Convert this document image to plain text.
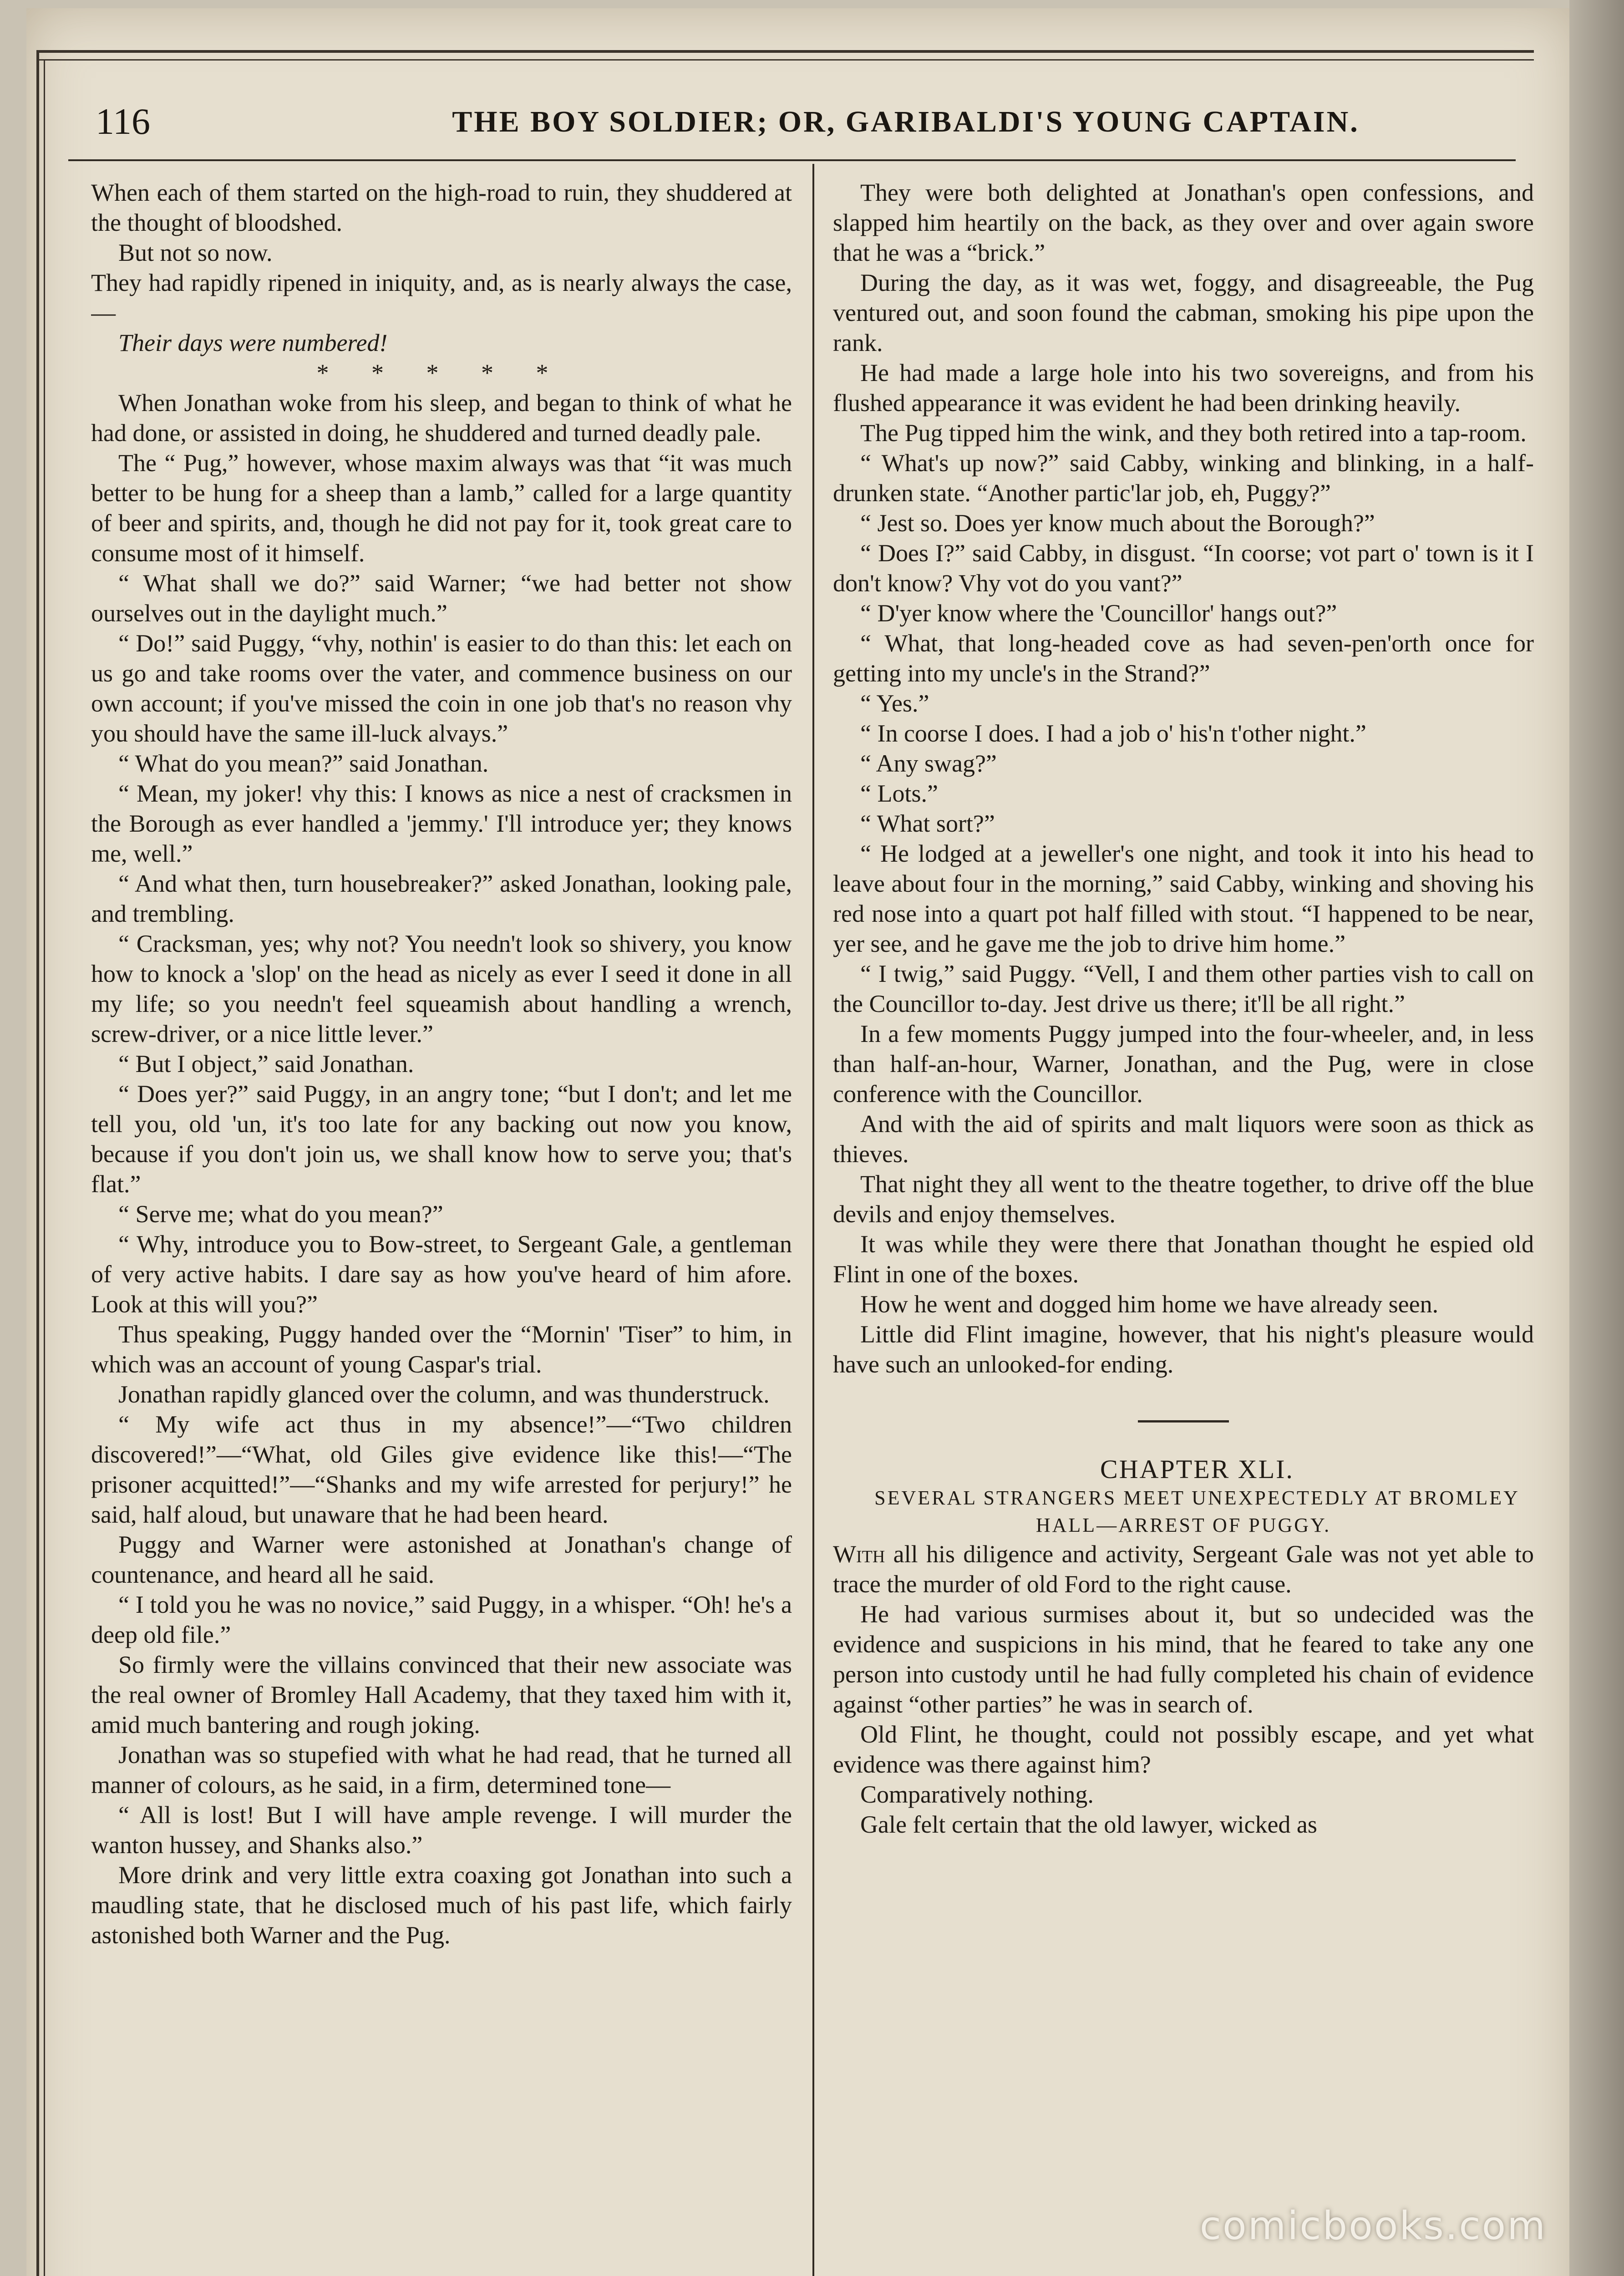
116	THE BOY SOLDIER; OR, GARIBALDI'S YOUNG CAPTAIN.

When each of them started on the high-road to ruin, they shuddered at the thought of bloodshed.

But not so now.

They had rapidly ripened in iniquity, and, as is nearly always the case,—

Their days were numbered!

* * * * *

When Jonathan woke from his sleep, and began to think of what he had done, or assisted in doing, he shuddered and turned deadly pale.

The “ Pug,” however, whose maxim always was that “it was much better to be hung for a sheep than a lamb,” called for a large quantity of beer and spirits, and, though he did not pay for it, took great care to consume most of it himself.

“ What shall we do?” said Warner; “we had better not show ourselves out in the daylight much.”

“ Do!” said Puggy, “vhy, nothin' is easier to do than this: let each on us go and take rooms over the vater, and commence business on our own account; if you've missed the coin in one job that's no reason vhy you should have the same ill-luck alvays.”

“ What do you mean?” said Jonathan.

“ Mean, my joker! vhy this: I knows as nice a nest of cracksmen in the Borough as ever handled a 'jemmy.' I'll introduce yer; they knows me, well.”

“ And what then, turn housebreaker?” asked Jonathan, looking pale, and trembling.

“ Cracksman, yes; why not? You needn't look so shivery, you know how to knock a 'slop' on the head as nicely as ever I seed it done in all my life; so you needn't feel squeamish about handling a wrench, screw-driver, or a nice little lever.”

“ But I object,” said Jonathan.

“ Does yer?” said Puggy, in an angry tone; “but I don't; and let me tell you, old 'un, it's too late for any backing out now you know, because if you don't join us, we shall know how to serve you; that's flat.”

“ Serve me; what do you mean?”

“ Why, introduce you to Bow-street, to Sergeant Gale, a gentleman of very active habits. I dare say as how you've heard of him afore. Look at this will you?”

Thus speaking, Puggy handed over the “Mornin' 'Tiser” to him, in which was an account of young Caspar's trial.

Jonathan rapidly glanced over the column, and was thunderstruck.

“ My wife act thus in my absence!”—“Two children discovered!”—“What, old Giles give evidence like this!—“The prisoner acquitted!”—“Shanks and my wife arrested for perjury!” he said, half aloud, but unaware that he had been heard.

Puggy and Warner were astonished at Jonathan's change of countenance, and heard all he said.

“ I told you he was no novice,” said Puggy, in a whisper. “Oh! he's a deep old file.”

So firmly were the villains convinced that their new associate was the real owner of Bromley Hall Academy, that they taxed him with it, amid much bantering and rough joking.

Jonathan was so stupefied with what he had read, that he turned all manner of colours, as he said, in a firm, determined tone—

“ All is lost! But I will have ample revenge. I will murder the wanton hussey, and Shanks also.”

More drink and very little extra coaxing got Jonathan into such a maudling state, that he disclosed much of his past life, which fairly astonished both Warner and the Pug.

They were both delighted at Jonathan's open confessions, and slapped him heartily on the back, as they over and over again swore that he was a “brick.”

During the day, as it was wet, foggy, and disagreeable, the Pug ventured out, and soon found the cabman, smoking his pipe upon the rank.

He had made a large hole into his two sovereigns, and from his flushed appearance it was evident he had been drinking heavily.

The Pug tipped him the wink, and they both retired into a tap-room.

“ What's up now?” said Cabby, winking and blinking, in a half-drunken state. “Another partic'lar job, eh, Puggy?”

“ Jest so. Does yer know much about the Borough?”

“ Does I?” said Cabby, in disgust. “In coorse; vot part o' town is it I don't know? Vhy vot do you vant?”

“ D'yer know where the 'Councillor' hangs out?”

“ What, that long-headed cove as had seven-pen'orth once for getting into my uncle's in the Strand?”

“ Yes.”

“ In coorse I does. I had a job o' his'n t'other night.”

“ Any swag?”

“ Lots.”

“ What sort?”

“ He lodged at a jeweller's one night, and took it into his head to leave about four in the morning,” said Cabby, winking and shoving his red nose into a quart pot half filled with stout. “I happened to be near, yer see, and he gave me the job to drive him home.”

“ I twig,” said Puggy. “Vell, I and them other parties vish to call on the Councillor to-day. Jest drive us there; it'll be all right.”

In a few moments Puggy jumped into the four-wheeler, and, in less than half-an-hour, Warner, Jonathan, and the Pug, were in close conference with the Councillor.

And with the aid of spirits and malt liquors were soon as thick as thieves.

That night they all went to the theatre together, to drive off the blue devils and enjoy themselves.

It was while they were there that Jonathan thought he espied old Flint in one of the boxes.

How he went and dogged him home we have already seen.

Little did Flint imagine, however, that his night's pleasure would have such an unlooked-for ending.

CHAPTER XLI.

SEVERAL STRANGERS MEET UNEXPECTEDLY AT BROMLEY HALL—ARREST OF PUGGY.

With all his diligence and activity, Sergeant Gale was not yet able to trace the murder of old Ford to the right cause.

He had various surmises about it, but so undecided was the evidence and suspicions in his mind, that he feared to take any one person into custody until he had fully completed his chain of evidence against “other parties” he was in search of.

Old Flint, he thought, could not possibly escape, and yet what evidence was there against him?

Comparatively nothing.

Gale felt certain that the old lawyer, wicked as

comicbooks.com
